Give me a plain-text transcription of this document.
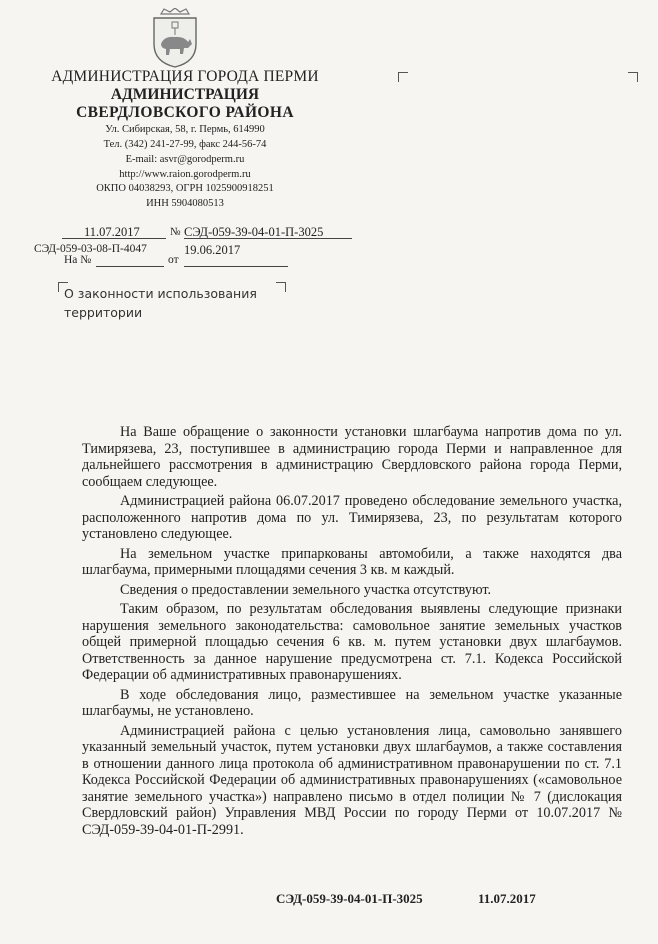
АДМИНИСТРАЦИЯ ГОРОДА ПЕРМИ
АДМИНИСТРАЦИЯ
СВЕРДЛОВСКОГО РАЙОНА
Ул. Сибирская, 58, г. Пермь, 614990
Тел. (342) 241-27-99, факс 244-56-74
E-mail: asvr@gorodperm.ru
http://www.raion.gorodperm.ru
ОКПО 04038293, ОГРН 1025900918251
ИНН 5904080513
11.07.2017	№ СЭД-059-39-04-01-П-3025
СЭД-059-03-08-П-4047	19.06.2017
На №	от
О законности использования
территории

На Ваше обращение о законности установки шлагбаума напротив дома по ул. Тимирязева, 23, поступившее в администрацию города Перми и направленное для дальнейшего рассмотрения в администрацию Свердловского района города Перми, сообщаем следующее.

Администрацией района 06.07.2017 проведено обследование земельного участка, расположенного напротив дома по ул. Тимирязева, 23, по результатам которого установлено следующее.

На земельном участке припаркованы автомобили, а также находятся два шлагбаума, примерными площадями сечения 3 кв. м каждый.

Сведения о предоставлении земельного участка отсутствуют.

Таким образом, по результатам обследования выявлены следующие признаки нарушения земельного законодательства: самовольное занятие земельных участков общей примерной площадью сечения 6 кв. м. путем установки двух шлагбаумов. Ответственность за данное нарушение предусмотрена ст. 7.1. Кодекса Российской Федерации об административных правонарушениях.

В ходе обследования лицо, разместившее на земельном участке указанные шлагбаумы, не установлено.

Администрацией района с целью установления лица, самовольно занявшего указанный земельный участок, путем установки двух шлагбаумов, а также составления в отношении данного лица протокола об административном правонарушении по ст. 7.1 Кодекса Российской Федерации об административных правонарушениях («самовольное занятие земельного участка») направлено письмо в отдел полиции № 7 (дислокация Свердловский район) Управления МВД России по городу Перми от 10.07.2017 № СЭД-059-39-04-01-П-2991.

СЭД-059-39-04-01-П-3025	11.07.2017
